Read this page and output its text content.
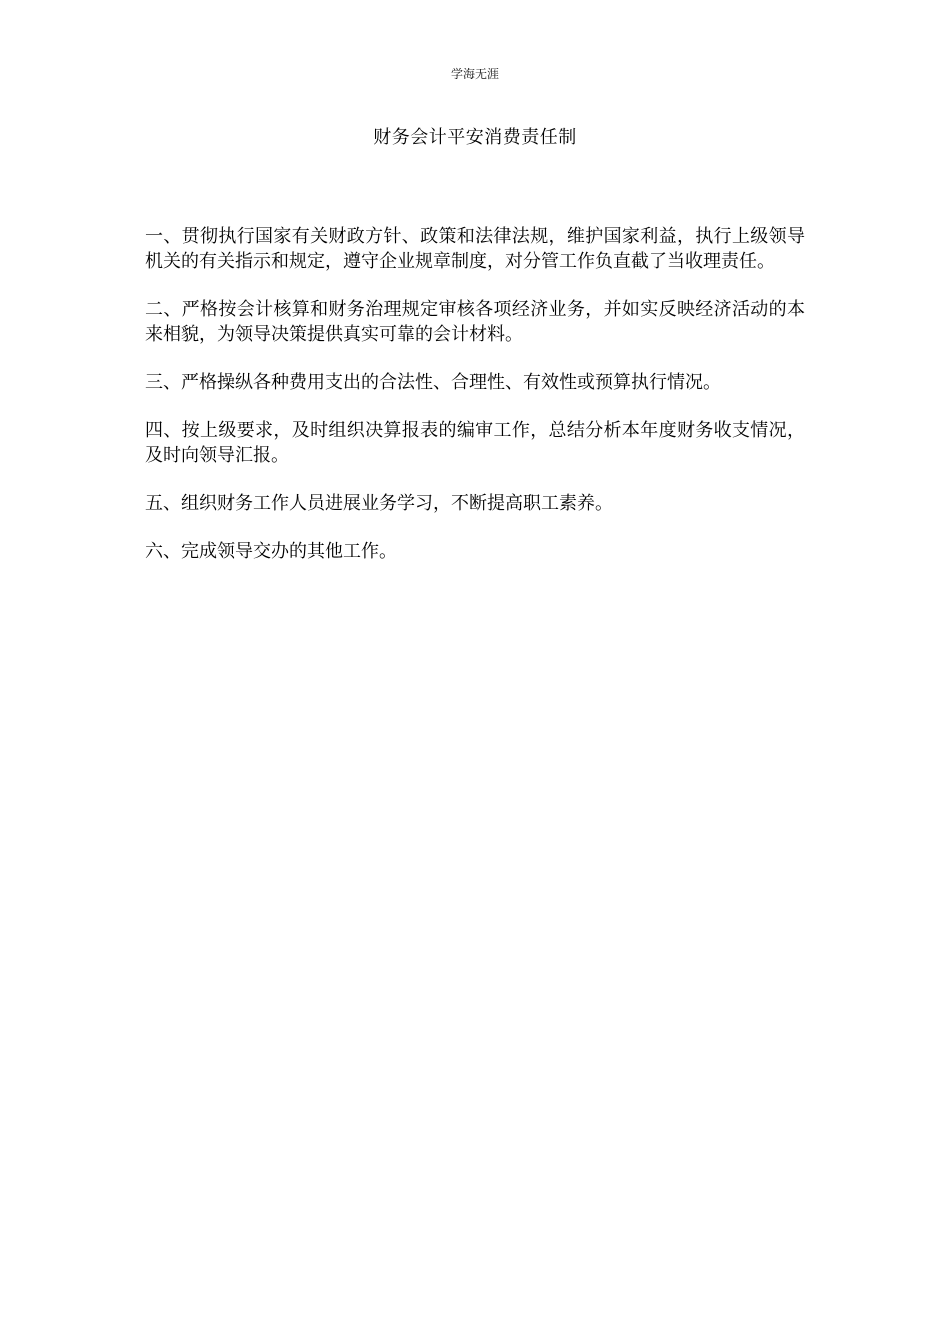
学海无涯
财务会计平安消费责任制

一、贯彻执行国家有关财政方针、政策和法律法规，维护国家利益，执行上级领导机关的有关指示和规定，遵守企业规章制度，对分管工作负直截了当收理责任。

二、严格按会计核算和财务治理规定审核各项经济业务，并如实反映经济活动的本来相貌，为领导决策提供真实可靠的会计材料。

三、严格操纵各种费用支出的合法性、合理性、有效性或预算执行情况。

四、按上级要求，及时组织决算报表的编审工作，总结分析本年度财务收支情况，及时向领导汇报。

五、组织财务工作人员进展业务学习，不断提高职工素养。

六、完成领导交办的其他工作。
